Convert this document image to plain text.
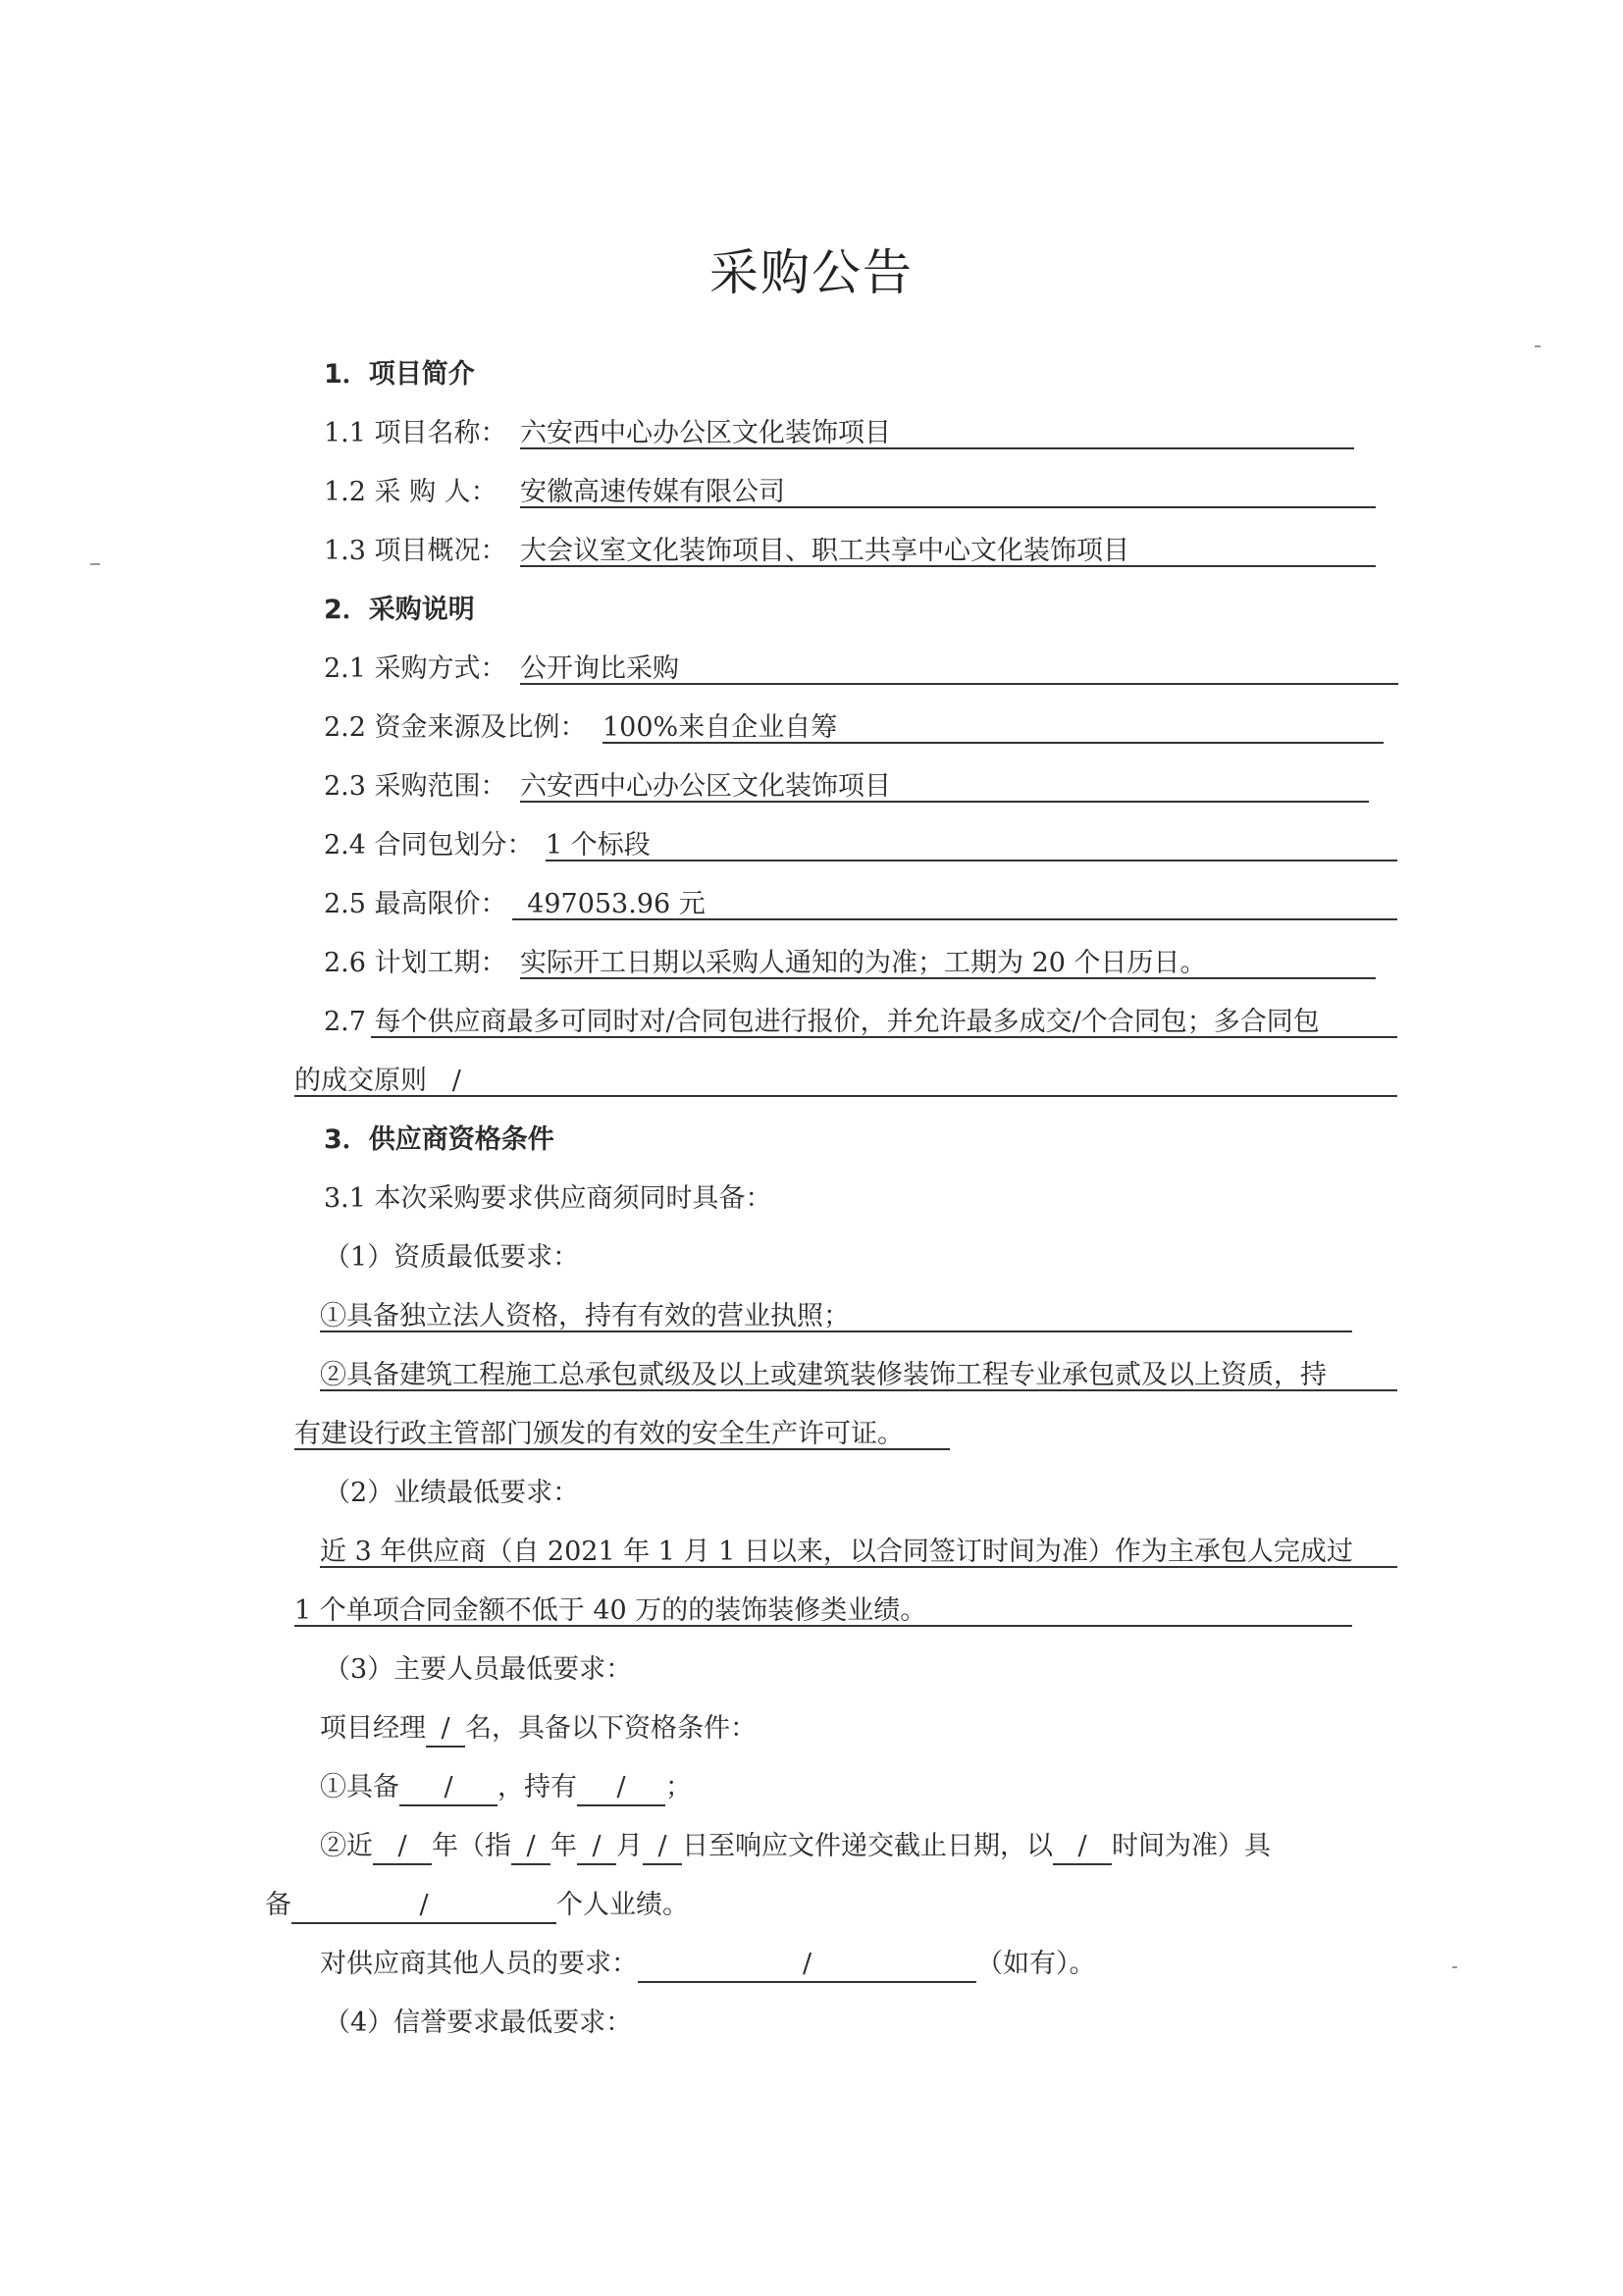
采购公告
1．项目简介
1.1 项目名称： 六安西中心办公区文化装饰项目
1.2 采 购 人： 安徽高速传媒有限公司
1.3 项目概况： 大会议室文化装饰项目、职工共享中心文化装饰项目
2．采购说明
2.1 采购方式： 公开询比采购
2.2 资金来源及比例： 100%来自企业自筹
2.3 采购范围： 六安西中心办公区文化装饰项目
2.4 合同包划分： 1 个标段
2.5 最高限价： 497053.96 元
2.6 计划工期： 实际开工日期以采购人通知的为准；工期为 20 个日历日。
2.7 每个供应商最多可同时对/合同包进行报价，并允许最多成交/个合同包；多合同包
的成交原则   /
3．供应商资格条件
3.1 本次采购要求供应商须同时具备：
（1）资质最低要求：
①具备独立法人资格，持有有效的营业执照；
②具备建筑工程施工总承包贰级及以上或建筑装修装饰工程专业承包贰及以上资质，持
有建设行政主管部门颁发的有效的安全生产许可证。
（2）业绩最低要求：
近 3 年供应商（自 2021 年 1 月 1 日以来，以合同签订时间为准）作为主承包人完成过
1 个单项合同金额不低于 40 万的的装饰装修类业绩。
（3）主要人员最低要求：
项目经理 / 名，具备以下资格条件：
①具备 / ，持有 / ；
②近 / 年（指 / 年 / 月 / 日至响应文件递交截止日期，以 / 时间为准）具
备	/	个人业绩。
对供应商其他人员的要求：	/	（如有）。
（4）信誉要求最低要求：
